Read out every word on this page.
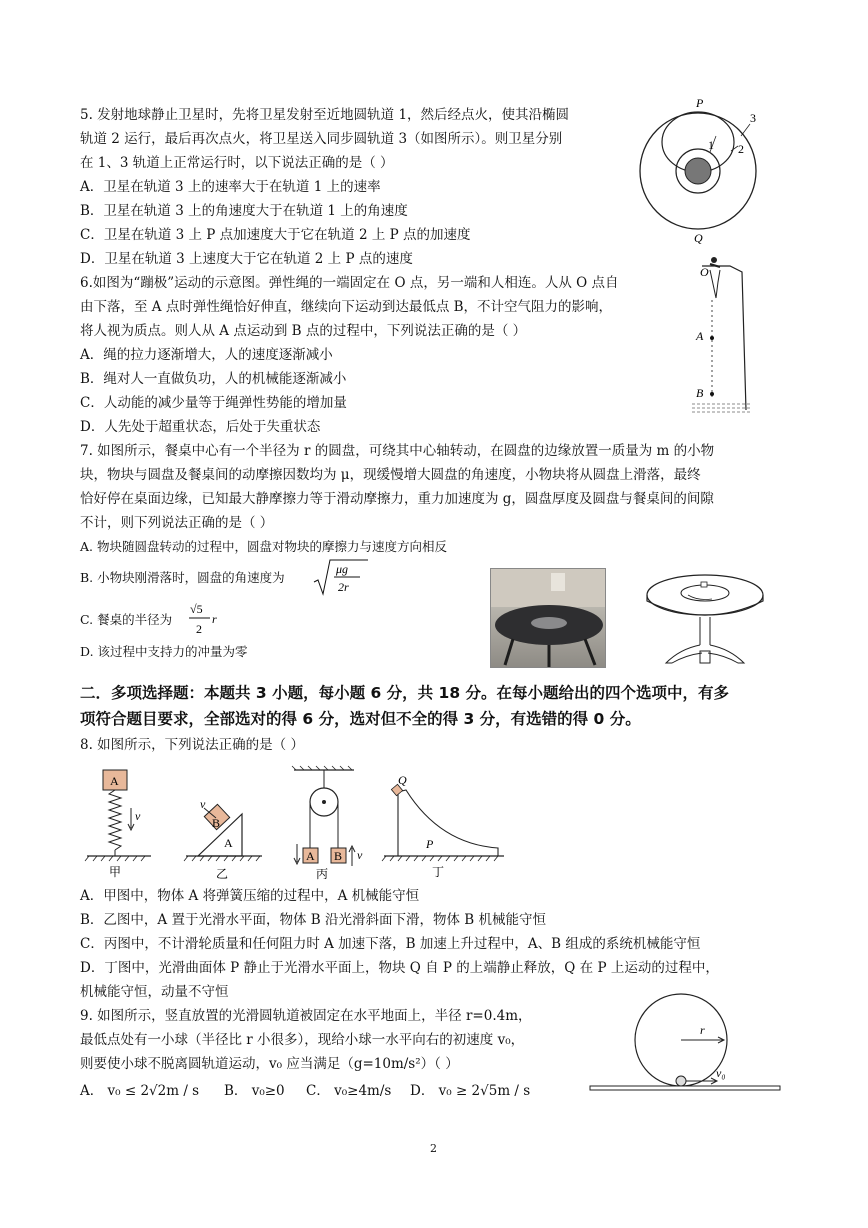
5. 发射地球静止卫星时，先将卫星发射至近地圆轨道 1，然后经点火，使其沿椭圆
轨道 2 运行，最后再次点火，将卫星送入同步圆轨道 3（如图所示）。则卫星分别
在 1、3 轨道上正常运行时，以下说法正确的是（ ）
A．卫星在轨道 3 上的速率大于在轨道 1 上的速率
B．卫星在轨道 3 上的角速度大于在轨道 1 上的角速度
C．卫星在轨道 3 上 P 点加速度大于它在轨道 2 上 P 点的加速度
D．卫星在轨道 3 上速度大于它在轨道 2 上 P 点的速度
P
Q
3
2
1
6.如图为“蹦极”运动的示意图。弹性绳的一端固定在 O 点，另一端和人相连。人从 O 点自
由下落，至 A 点时弹性绳恰好伸直，继续向下运动到达最低点 B，不计空气阻力的影响，
将人视为质点。则人从 A 点运动到 B 点的过程中，下列说法正确的是（ ）
A．绳的拉力逐渐增大，人的速度逐渐减小
B．绳对人一直做负功，人的机械能逐渐减小
C．人动能的减少量等于绳弹性势能的增加量
D．人先处于超重状态，后处于失重状态
O
A
B
7. 如图所示，餐桌中心有一个半径为 r 的圆盘，可绕其中心轴转动，在圆盘的边缘放置一质量为 m 的小物
块，物块与圆盘及餐桌间的动摩擦因数均为 μ，现缓慢增大圆盘的角速度，小物块将从圆盘上滑落，最终
恰好停在桌面边缘，已知最大静摩擦力等于滑动摩擦力，重力加速度为 g，圆盘厚度及圆盘与餐桌间的间隙
不计，则下列说法正确的是（ ）
A. 物块随圆盘转动的过程中，圆盘对物块的摩擦力与速度方向相反
B. 小物块刚滑落时，圆盘的角速度为
μg
2r
C. 餐桌的半径为
√5
2
r
D. 该过程中支持力的冲量为零
二．多项选择题：本题共 3 小题，每小题 6 分，共 18 分。在每小题给出的四个选项中，有多
项符合题目要求，全部选对的得 6 分，选对但不全的得 3 分，有选错的得 0 分。
8. 如图所示，下列说法正确的是（ ）
A
v
甲
A
B
v
乙
A B v
丙
Q
P
丁
A．甲图中，物体 A 将弹簧压缩的过程中，A 机械能守恒
B．乙图中，A 置于光滑水平面，物体 B 沿光滑斜面下滑，物体 B 机械能守恒
C．丙图中，不计滑轮质量和任何阻力时 A 加速下落，B 加速上升过程中，A、B 组成的系统机械能守恒
D．丁图中，光滑曲面体 P 静止于光滑水平面上，物块 Q 自 P 的上端静止释放，Q 在 P 上运动的过程中，
机械能守恒，动量不守恒
9. 如图所示，竖直放置的光滑圆轨道被固定在水平地面上，半径 r=0.4m，
最低点处有一小球（半径比 r 小很多），现给小球一水平向右的初速度 v₀，
则要使小球不脱离圆轨道运动，v₀ 应当满足（g=10m/s²）（ ）
A． v₀ ≤ 2√2m / s B． v₀≥0 C． v₀≥4m/s D． v₀ ≥ 2√5m / s
r
v₀
2
